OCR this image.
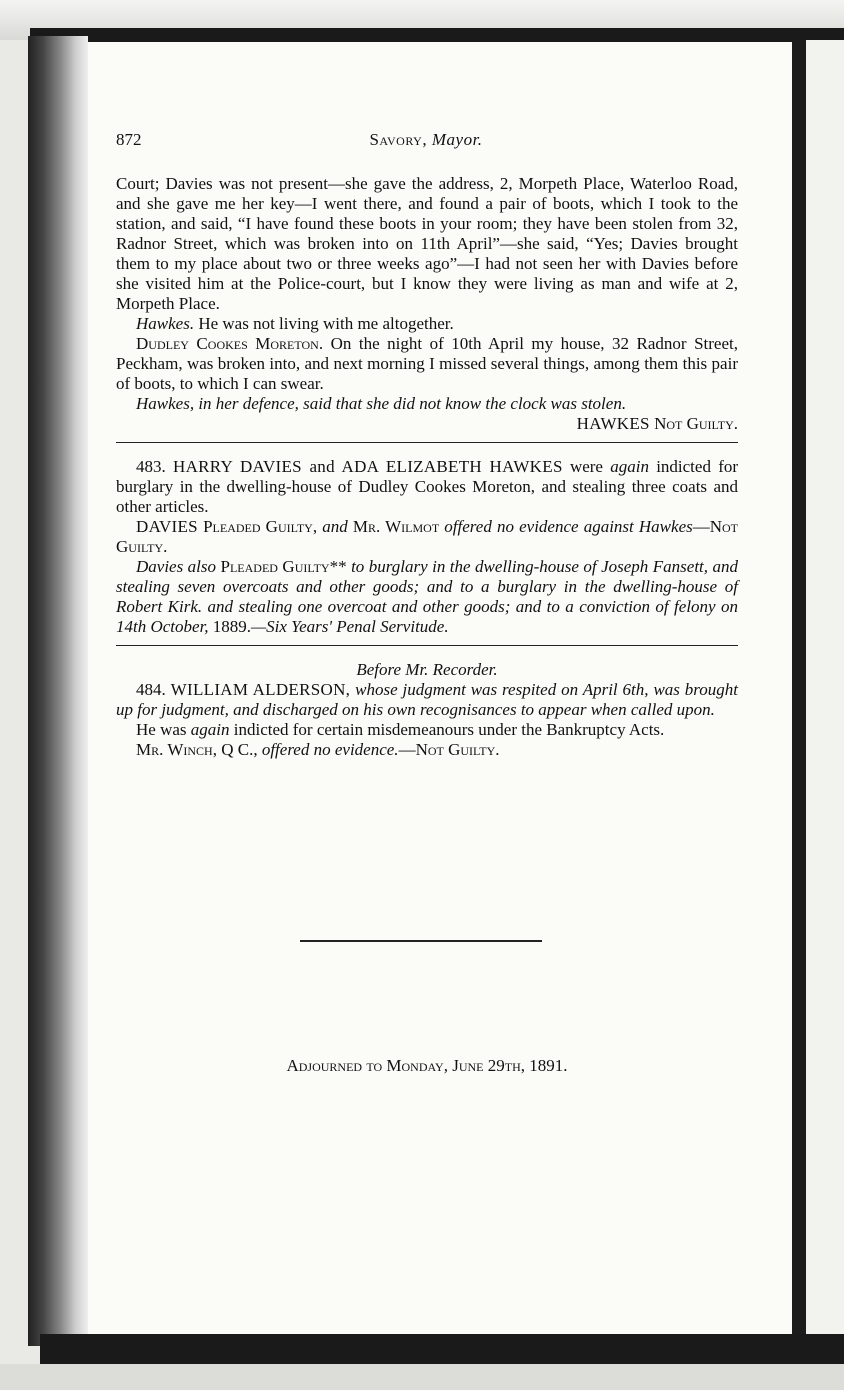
872	Savory, Mayor.

Court; Davies was not present—she gave the address, 2, Morpeth Place, Waterloo Road, and she gave me her key—I went there, and found a pair of boots, which I took to the station, and said, “I have found these boots in your room; they have been stolen from 32, Radnor Street, which was broken into on 11th April”—she said, “Yes; Davies brought them to my place about two or three weeks ago”—I had not seen her with Davies before she visited him at the Police-court, but I know they were living as man and wife at 2, Morpeth Place.

Hawkes. He was not living with me altogether.

Dudley Cookes Moreton. On the night of 10th April my house, 32 Radnor Street, Peckham, was broken into, and next morning I missed several things, among them this pair of boots, to which I can swear.

Hawkes, in her defence, said that she did not know the clock was stolen.

HAWKES Not Guilty.

483. HARRY DAVIES and ADA ELIZABETH HAWKES were again indicted for burglary in the dwelling-house of Dudley Cookes Moreton, and stealing three coats and other articles.

DAVIES Pleaded Guilty, and Mr. Wilmot offered no evidence against Hawkes—Not Guilty.

Davies also Pleaded Guilty** to burglary in the dwelling-house of Joseph Fansett, and stealing seven overcoats and other goods; and to a burglary in the dwelling-house of Robert Kirk. and stealing one overcoat and other goods; and to a conviction of felony on 14th October, 1889.—Six Years' Penal Servitude.

Before Mr. Recorder.

484. WILLIAM ALDERSON, whose judgment was respited on April 6th, was brought up for judgment, and discharged on his own recognisances to appear when called upon.

He was again indicted for certain misdemeanours under the Bankruptcy Acts.

Mr. Winch, Q C., offered no evidence.—Not Guilty.

Adjourned to Monday, June 29th, 1891.
